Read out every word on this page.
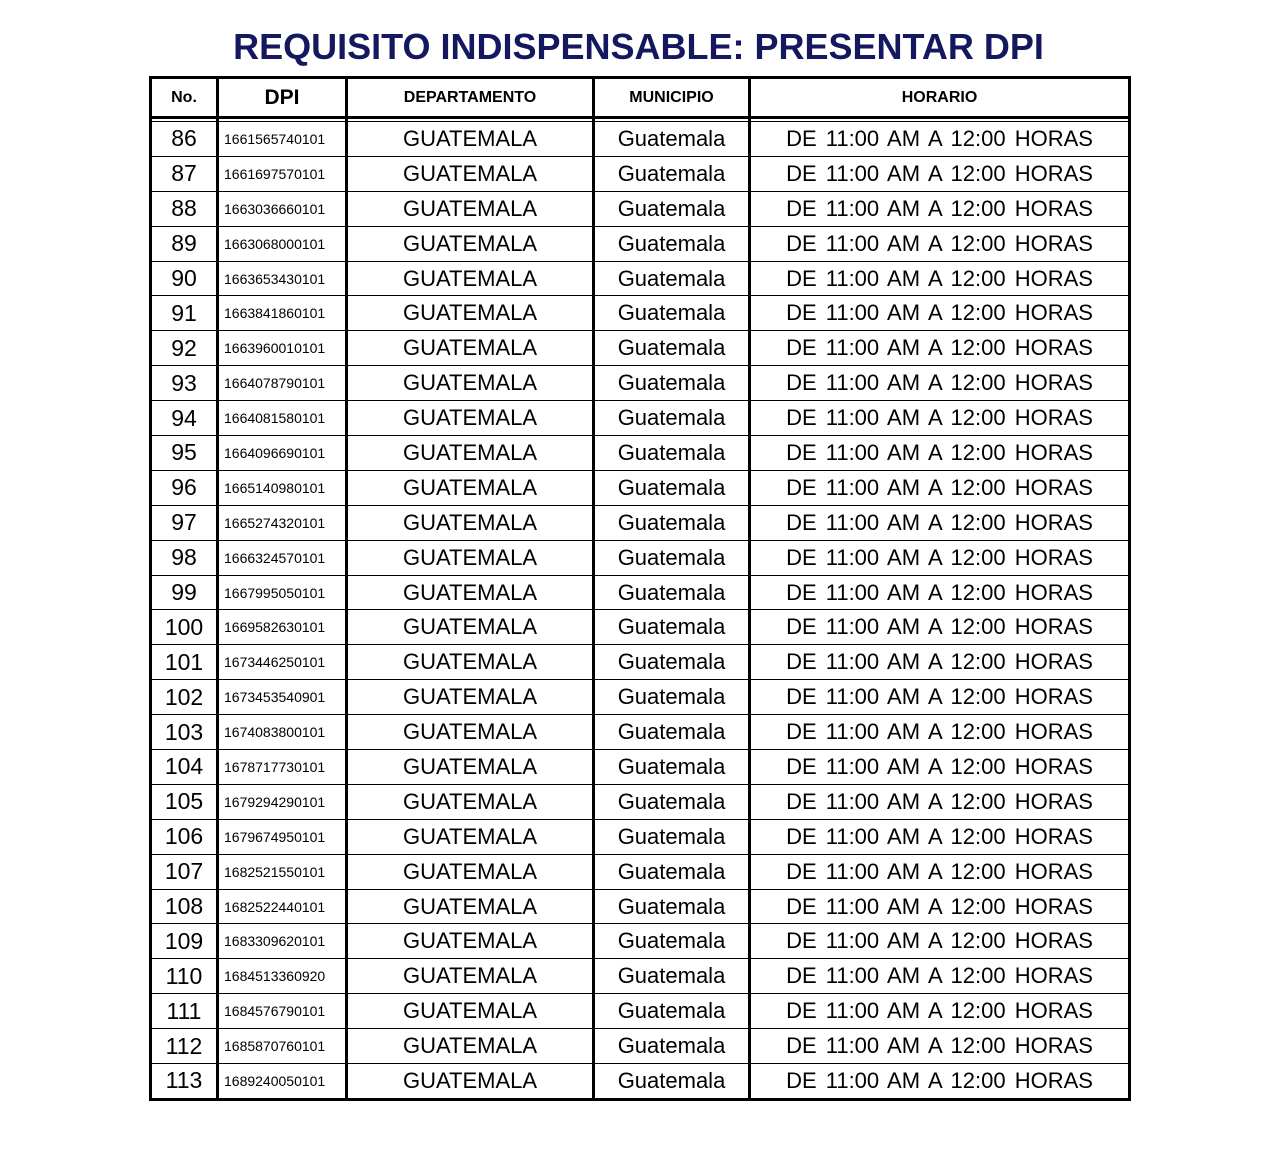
REQUISITO INDISPENSABLE: PRESENTAR DPI
No.	DPI	DEPARTAMENTO	MUNICIPIO	HORARIO

86	1661565740101	GUATEMALA	Guatemala	DE 11:00 AM A 12:00 HORAS
87	1661697570101	GUATEMALA	Guatemala	DE 11:00 AM A 12:00 HORAS
88	1663036660101	GUATEMALA	Guatemala	DE 11:00 AM A 12:00 HORAS
89	1663068000101	GUATEMALA	Guatemala	DE 11:00 AM A 12:00 HORAS
90	1663653430101	GUATEMALA	Guatemala	DE 11:00 AM A 12:00 HORAS
91	1663841860101	GUATEMALA	Guatemala	DE 11:00 AM A 12:00 HORAS
92	1663960010101	GUATEMALA	Guatemala	DE 11:00 AM A 12:00 HORAS
93	1664078790101	GUATEMALA	Guatemala	DE 11:00 AM A 12:00 HORAS
94	1664081580101	GUATEMALA	Guatemala	DE 11:00 AM A 12:00 HORAS
95	1664096690101	GUATEMALA	Guatemala	DE 11:00 AM A 12:00 HORAS
96	1665140980101	GUATEMALA	Guatemala	DE 11:00 AM A 12:00 HORAS
97	1665274320101	GUATEMALA	Guatemala	DE 11:00 AM A 12:00 HORAS
98	1666324570101	GUATEMALA	Guatemala	DE 11:00 AM A 12:00 HORAS
99	1667995050101	GUATEMALA	Guatemala	DE 11:00 AM A 12:00 HORAS
100	1669582630101	GUATEMALA	Guatemala	DE 11:00 AM A 12:00 HORAS
101	1673446250101	GUATEMALA	Guatemala	DE 11:00 AM A 12:00 HORAS
102	1673453540901	GUATEMALA	Guatemala	DE 11:00 AM A 12:00 HORAS
103	1674083800101	GUATEMALA	Guatemala	DE 11:00 AM A 12:00 HORAS
104	1678717730101	GUATEMALA	Guatemala	DE 11:00 AM A 12:00 HORAS
105	1679294290101	GUATEMALA	Guatemala	DE 11:00 AM A 12:00 HORAS
106	1679674950101	GUATEMALA	Guatemala	DE 11:00 AM A 12:00 HORAS
107	1682521550101	GUATEMALA	Guatemala	DE 11:00 AM A 12:00 HORAS
108	1682522440101	GUATEMALA	Guatemala	DE 11:00 AM A 12:00 HORAS
109	1683309620101	GUATEMALA	Guatemala	DE 11:00 AM A 12:00 HORAS
110	1684513360920	GUATEMALA	Guatemala	DE 11:00 AM A 12:00 HORAS
111	1684576790101	GUATEMALA	Guatemala	DE 11:00 AM A 12:00 HORAS
112	1685870760101	GUATEMALA	Guatemala	DE 11:00 AM A 12:00 HORAS
113	1689240050101	GUATEMALA	Guatemala	DE 11:00 AM A 12:00 HORAS
